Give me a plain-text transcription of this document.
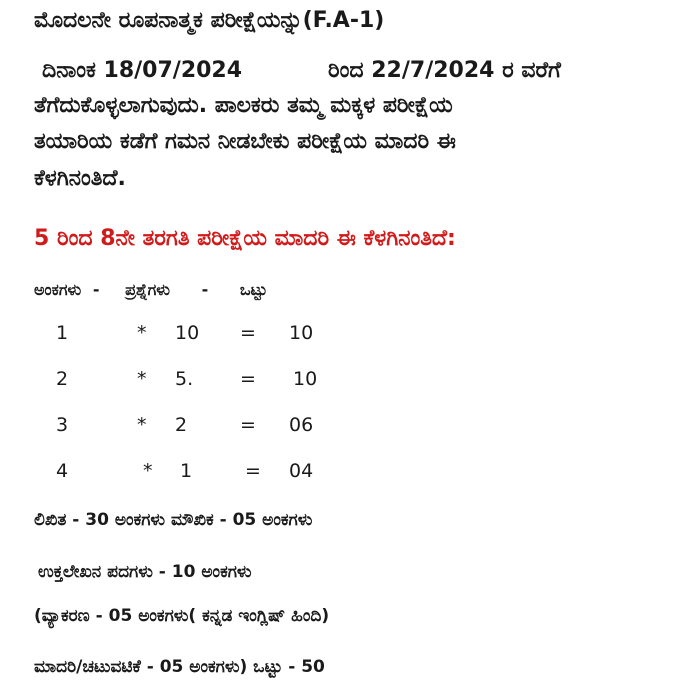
ಮೊದಲನೇ ರೂಪನಾತ್ಮಕ ಪರೀಕ್ಷೆಯನ್ನು(F.A-1)
ದಿನಾಂಕ 18/07/2024	ರಿಂದ 22/7/2024 ರ ವರೆಗೆ
ತೆಗೆದುಕೊಳ್ಳಲಾಗುವುದು. ಪಾಲಕರು ತಮ್ಮ ಮಕ್ಕಳ ಪರೀಕ್ಷೆಯ
ತಯಾರಿಯ ಕಡೆಗೆ ಗಮನ ನೀಡಬೇಕು ಪರೀಕ್ಷೆಯ ಮಾದರಿ ಈ
ಕೆಳಗಿನಂತಿದೆ.
5 ರಿಂದ 8ನೇ ತರಗತಿ ಪರೀಕ್ಷೆಯ ಮಾದರಿ ಈ ಕೆಳಗಿನಂತಿದೆ:
ಅಂಕಗಳು - ಪ್ರಶ್ನೆಗಳು - ಒಟ್ಟು
1	* 10 = 10
2	* 5. = 10
3	* 2	= 06
4	* 1	= 04
ಲಿಖಿತ - 30 ಅಂಕಗಳು ಮೌಖಿಕ - 05 ಅಂಕಗಳು
ಉಕ್ತಲೇಖನ ಪದಗಳು - 10 ಅಂಕಗಳು
(ವ್ಯಾಕರಣ - 05 ಅಂಕಗಳು( ಕನ್ನಡ ಇಂಗ್ಲಿಷ್ ಹಿಂದಿ)
ಮಾದರಿ/ಚಟುವಟಿಕೆ - 05 ಅಂಕಗಳು) ಒಟ್ಟು - 50
